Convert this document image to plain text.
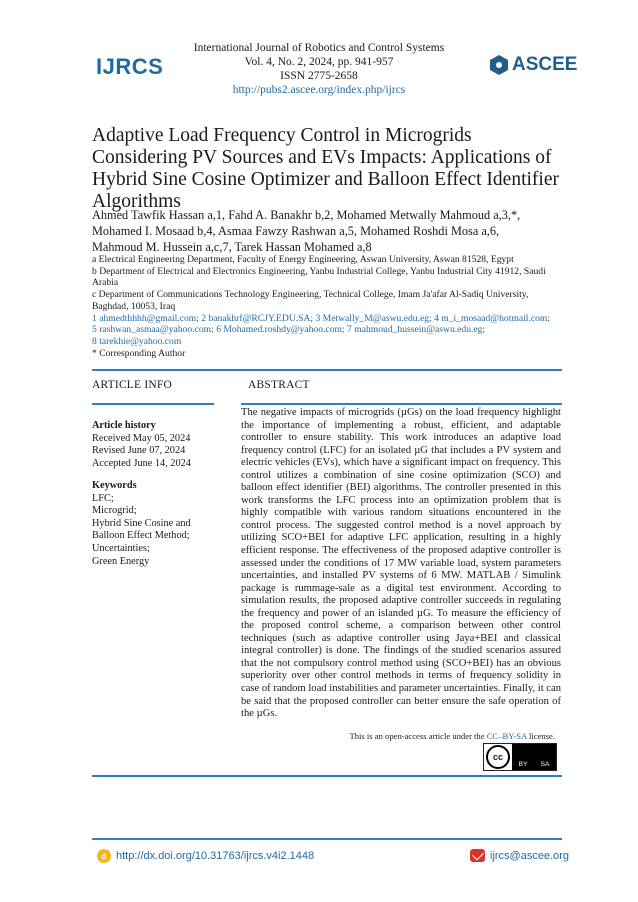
IJRCS
International Journal of Robotics and Control Systems
Vol. 4, No. 2, 2024, pp. 941-957
ISSN 2775-2658
http://pubs2.ascee.org/index.php/ijrcs
ASCEE
Adaptive Load Frequency Control in Microgrids Considering PV Sources and EVs Impacts: Applications of Hybrid Sine Cosine Optimizer and Balloon Effect Identifier Algorithms
Ahmed Tawfik Hassan a,1, Fahd A. Banakhr b,2, Mohamed Metwally Mahmoud a,3,*,
Mohamed I. Mosaad b,4, Asmaa Fawzy Rashwan a,5, Mohamed Roshdi Mosa a,6,
Mahmoud M. Hussein a,c,7, Tarek Hassan Mohamed a,8
a Electrical Engineering Department, Faculty of Energy Engineering, Aswan University, Aswan 81528, Egypt
b Department of Electrical and Electronics Engineering, Yanbu Industrial College, Yanbu Industrial City 41912, Saudi Arabia
c Department of Communications Technology Engineering, Technical College, Imam Ja'afar Al-Sadiq University, Baghdad, 10053, Iraq
1 ahmedthhhh@gmail.com; 2 banakhrf@RCJY.EDU.SA; 3 Metwally_M@aswu.edu.eg; 4 m_i_mosaad@hotmail.com;
5 rashwan_asmaa@yahoo.com; 6 Mohamed.roshdy@yahoo.com; 7 mahmoud_hussein@aswu.edu.eg;
8 tarekhie@yahoo.com
* Corresponding Author
ARTICLE INFO	ABSTRACT
Article history
Received May 05, 2024
Revised June 07, 2024
Accepted June 14, 2024
Keywords
LFC;
Microgrid;
Hybrid Sine Cosine and Balloon Effect Method;
Uncertainties;
Green Energy
The negative impacts of microgrids (µGs) on the load frequency highlight the importance of implementing a robust, efficient, and adaptable controller to ensure stability. This work introduces an adaptive load frequency control (LFC) for an isolated µG that includes a PV system and electric vehicles (EVs), which have a significant impact on frequency. This control utilizes a combination of sine cosine optimization (SCO) and balloon effect identifier (BEI) algorithms. The controller presented in this work transforms the LFC process into an optimization problem that is highly compatible with various random situations encountered in the control process. The suggested control method is a novel approach by utilizing SCO+BEI for adaptive LFC application, resulting in a highly efficient response. The effectiveness of the proposed adaptive controller is assessed under the conditions of 17 MW variable load, system parameters uncertainties, and installed PV systems of 6 MW. MATLAB / Simulink package is rummage-sale as a digital test environment. According to simulation results, the proposed adaptive controller succeeds in regulating the frequency and power of an islanded µG. To measure the efficiency of the proposed control scheme, a comparison between other control techniques (such as adaptive controller using Jaya+BEI and classical integral controller) is done. The findings of the studied scenarios assured that the not compulsory control method using (SCO+BEI) has an obvious superiority over other control methods in terms of frequency solidity in case of random load instabilities and parameter uncertainties. Finally, it can be said that the proposed controller can better ensure the safe operation of the µGs.
This is an open-access article under the CC–BY-SA license.
cc
BY SA
d http://dx.doi.org/10.31763/ijrcs.v4i2.1448	ijrcs@ascee.org
